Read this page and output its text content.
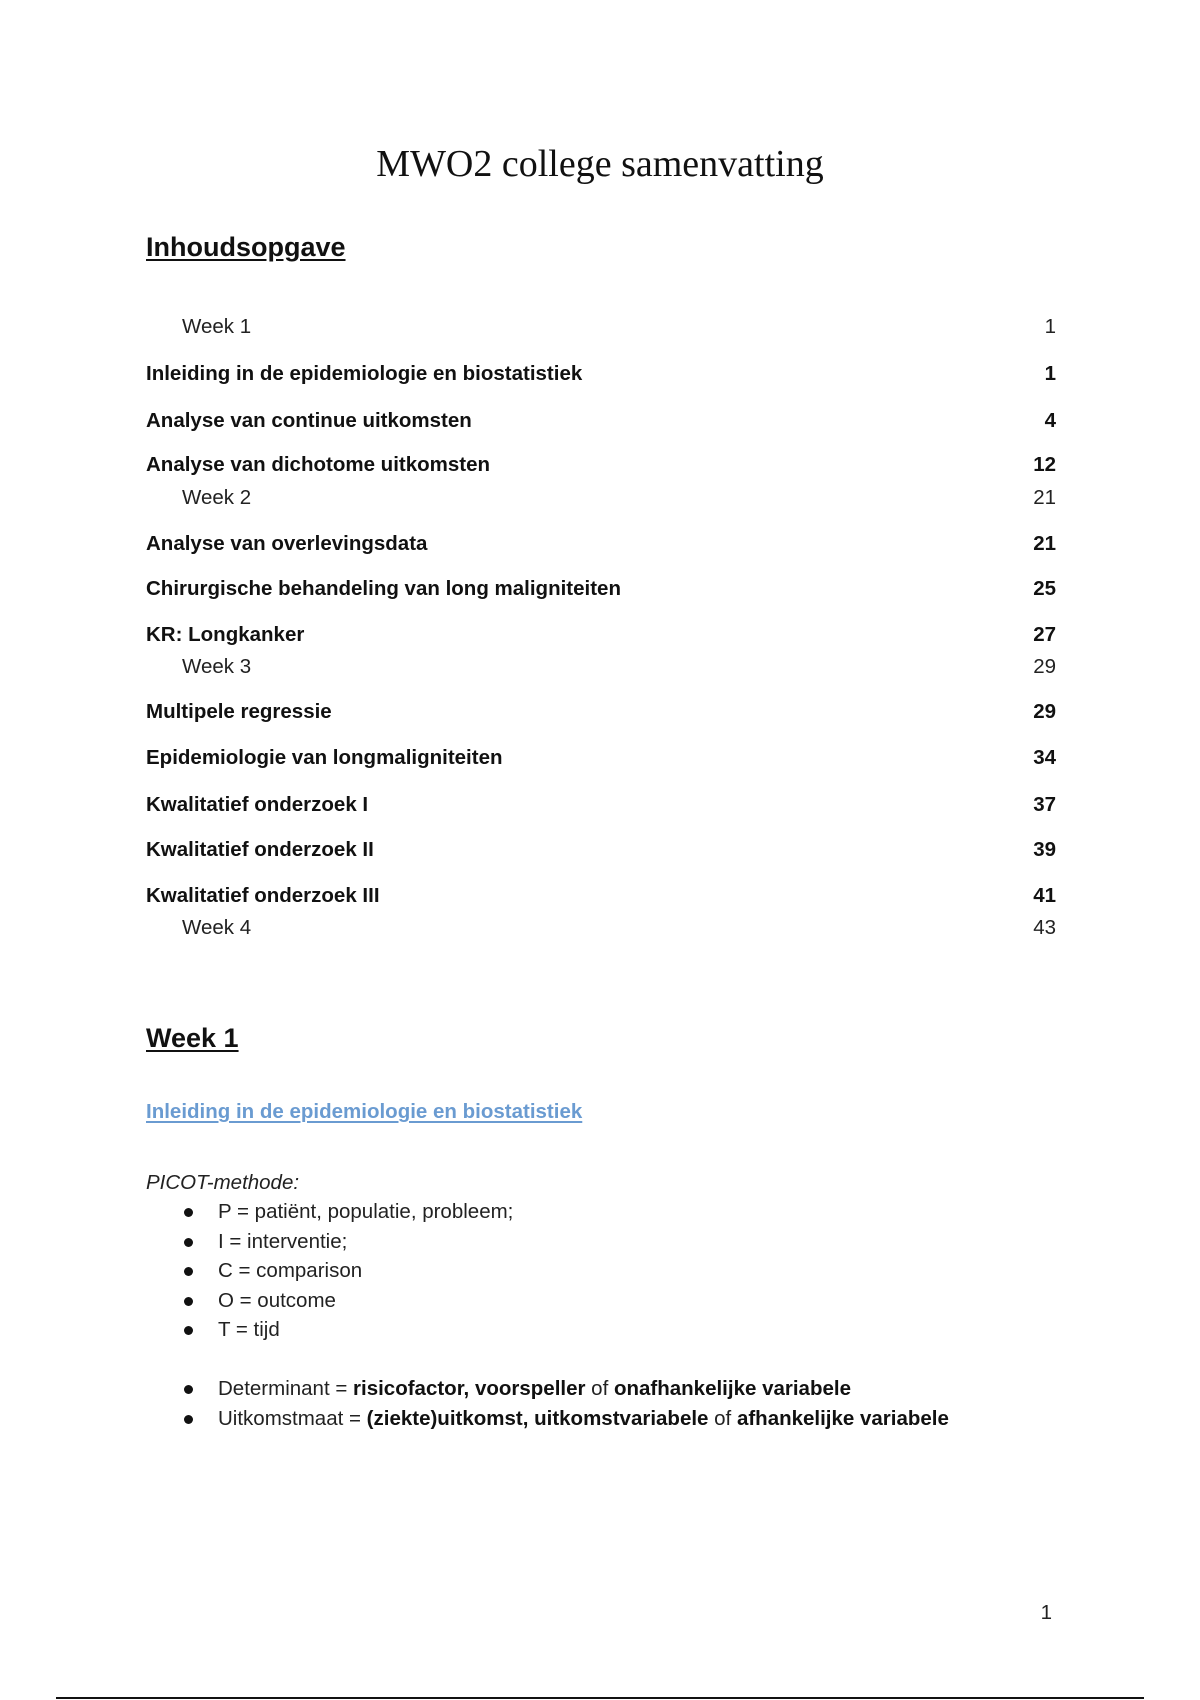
MWO2 college samenvatting
Inhoudsopgave
Week 1	1
Inleiding in de epidemiologie en biostatistiek	1
Analyse van continue uitkomsten	4
Analyse van dichotome uitkomsten	12
Week 2	21
Analyse van overlevingsdata	21
Chirurgische behandeling van long maligniteiten	25
KR: Longkanker	27
Week 3	29
Multipele regressie	29
Epidemiologie van longmaligniteiten	34
Kwalitatief onderzoek I	37
Kwalitatief onderzoek II	39
Kwalitatief onderzoek III	41
Week 4	43
Week 1
Inleiding in de epidemiologie en biostatistiek
PICOT-methode:
P = patiënt, populatie, probleem;
I = interventie;
C = comparison
O = outcome
T = tijd
Determinant = risicofactor, voorspeller of onafhankelijke variabele
Uitkomstmaat = (ziekte)uitkomst, uitkomstvariabele of afhankelijke variabele
1
